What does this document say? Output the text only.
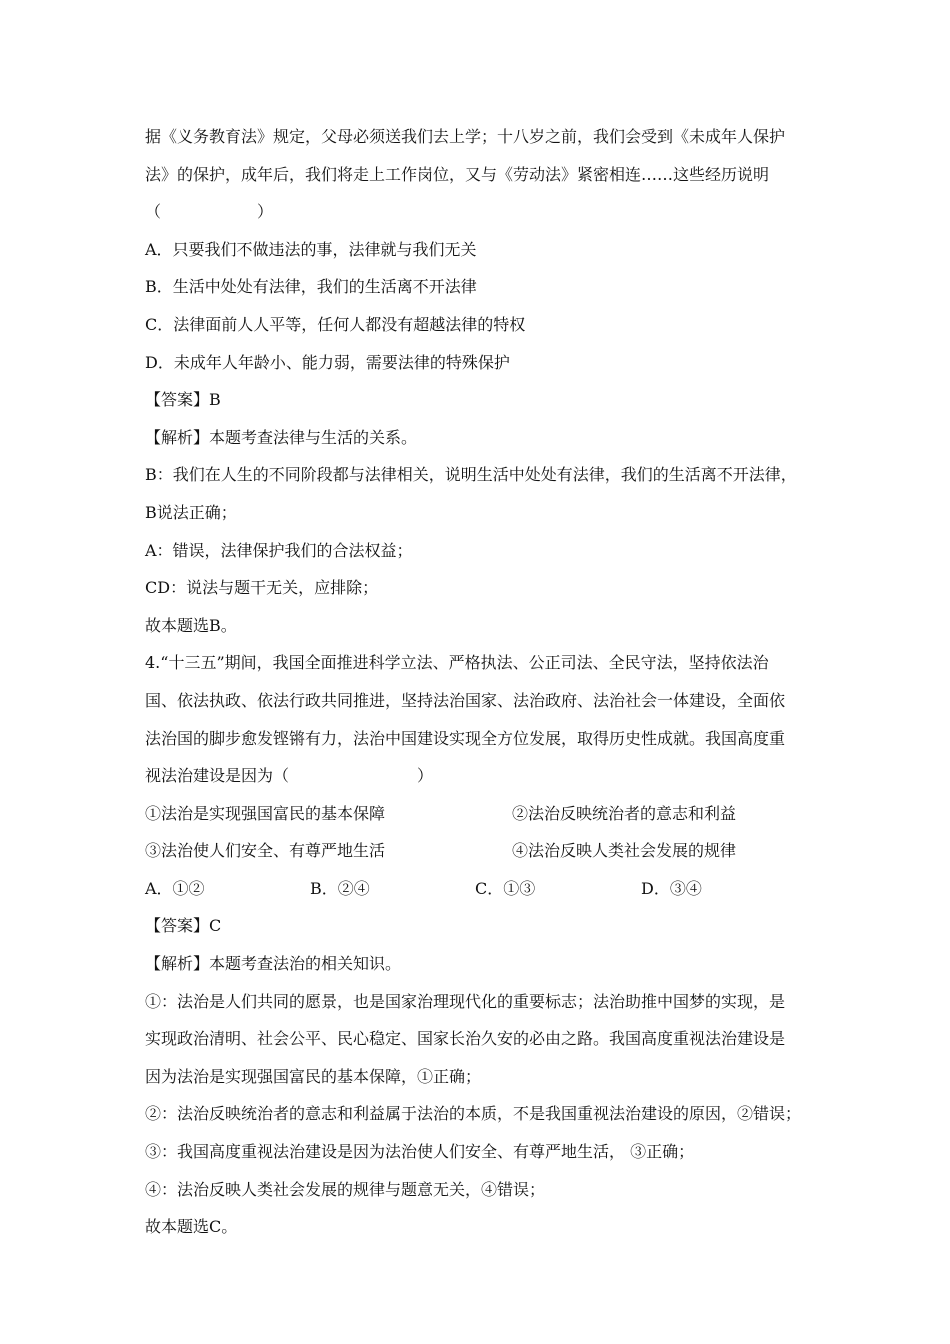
据《义务教育法》规定，父母必须送我们去上学；十八岁之前，我们会受到《未成年人保护
法》的保护，成年后，我们将走上工作岗位，又与《劳动法》紧密相连……这些经历说明
（　　　　　　）
A．只要我们不做违法的事，法律就与我们无关
B．生活中处处有法律，我们的生活离不开法律
C．法律面前人人平等，任何人都没有超越法律的特权
D．未成年人年龄小、能力弱，需要法律的特殊保护
【答案】B
【解析】本题考查法律与生活的关系。
B：我们在人生的不同阶段都与法律相关，说明生活中处处有法律，我们的生活离不开法律，
B说法正确；
A：错误，法律保护我们的合法权益；
CD：说法与题干无关，应排除；
故本题选B。
4.“十三五”期间，我国全面推进科学立法、严格执法、公正司法、全民守法，坚持依法治
国、依法执政、依法行政共同推进，坚持法治国家、法治政府、法治社会一体建设，全面依
法治国的脚步愈发铿锵有力，法治中国建设实现全方位发展，取得历史性成就。我国高度重
视法治建设是因为（　　　　　　　　）
①法治是实现强国富民的基本保障	②法治反映统治者的意志和利益
③法治使人们安全、有尊严地生活	④法治反映人类社会发展的规律
A．①②	B．②④	C．①③	D．③④
【答案】C
【解析】本题考查法治的相关知识。
①：法治是人们共同的愿景，也是国家治理现代化的重要标志；法治助推中国梦的实现，是
实现政治清明、社会公平、民心稳定、国家长治久安的必由之路。我国高度重视法治建设是
因为法治是实现强国富民的基本保障，①正确；
②：法治反映统治者的意志和利益属于法治的本质，不是我国重视法治建设的原因，②错误；
③：我国高度重视法治建设是因为法治使人们安全、有尊严地生活， ③正确；
④：法治反映人类社会发展的规律与题意无关，④错误；
故本题选C。
